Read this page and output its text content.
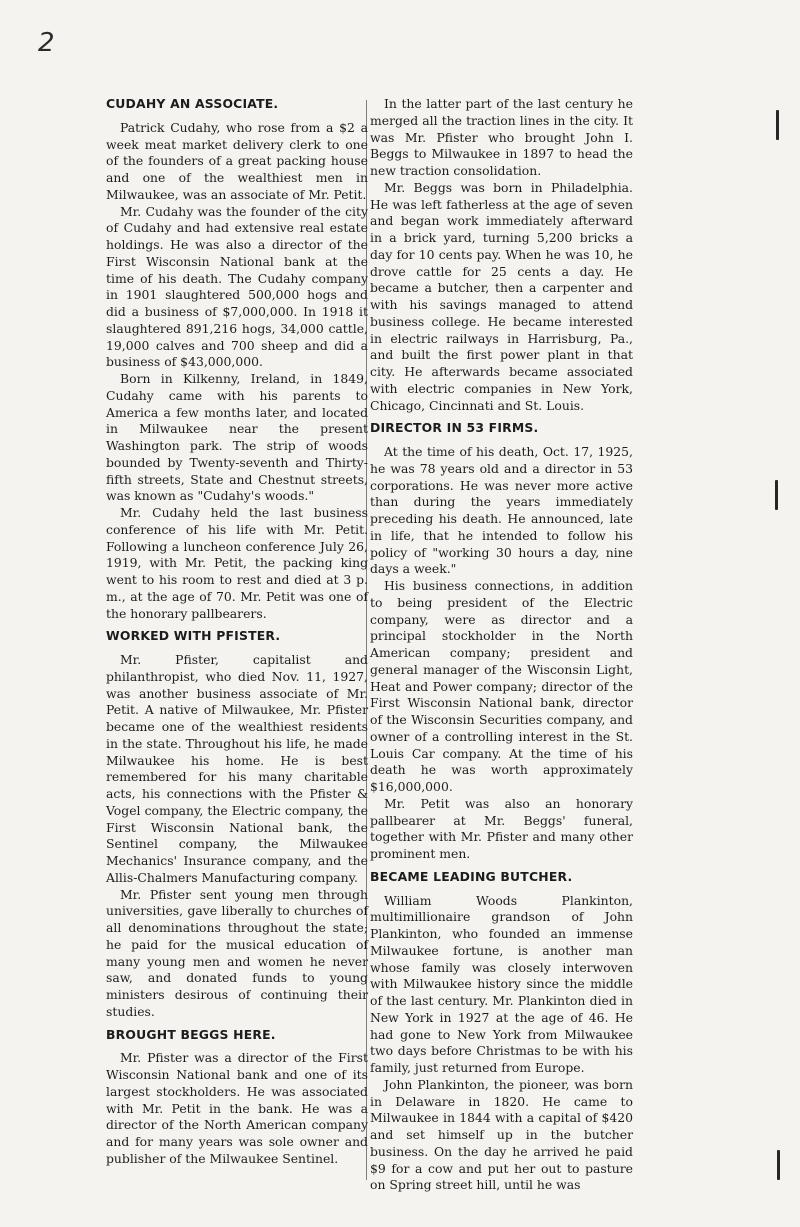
2
CUDAHY AN ASSOCIATE.

Patrick Cudahy, who rose from a $2 a week meat market delivery clerk to one of the founders of a great packing house and one of the wealthiest men in Milwaukee, was an associate of Mr. Petit.

Mr. Cudahy was the founder of the city of Cudahy and had extensive real estate holdings. He was also a director of the First Wisconsin National bank at the time of his death. The Cudahy company in 1901 slaughtered 500,000 hogs and did a business of $7,000,000. In 1918 it slaughtered 891,216 hogs, 34,000 cattle, 19,000 calves and 700 sheep and did a business of $43,000,000.

Born in Kilkenny, Ireland, in 1849, Cudahy came with his parents to America a few months later, and located in Milwaukee near the present Washington park. The strip of woods bounded by Twenty-seventh and Thirty-fifth streets, State and Chestnut streets, was known as "Cudahy's woods."

Mr. Cudahy held the last business conference of his life with Mr. Petit. Following a luncheon conference July 26, 1919, with Mr. Petit, the packing king went to his room to rest and died at 3 p. m., at the age of 70. Mr. Petit was one of the honorary pallbearers.

WORKED WITH PFISTER.

Mr. Pfister, capitalist and philanthropist, who died Nov. 11, 1927, was another business associate of Mr. Petit. A native of Milwaukee, Mr. Pfister became one of the wealthiest residents in the state. Throughout his life, he made Milwaukee his home. He is best remembered for his many charitable acts, his connections with the Pfister & Vogel company, the Electric company, the First Wisconsin National bank, the Sentinel company, the Milwaukee Mechanics' Insurance company, and the Allis-Chalmers Manufacturing company.

Mr. Pfister sent young men through universities, gave liberally to churches of all denominations throughout the state; he paid for the musical education of many young men and women he never saw, and donated funds to young ministers desirous of continuing their studies.

BROUGHT BEGGS HERE.

Mr. Pfister was a director of the First Wisconsin National bank and one of its largest stockholders. He was associated with Mr. Petit in the bank. He was a director of the North American company and for many years was sole owner and publisher of the Milwaukee Sentinel.

In the latter part of the last century he merged all the traction lines in the city. It was Mr. Pfister who brought John I. Beggs to Milwaukee in 1897 to head the new traction consolidation.

Mr. Beggs was born in Philadelphia. He was left fatherless at the age of seven and began work immediately afterward in a brick yard, turning 5,200 bricks a day for 10 cents pay. When he was 10, he drove cattle for 25 cents a day. He became a butcher, then a carpenter and with his savings managed to attend business college. He became interested in electric railways in Harrisburg, Pa., and built the first power plant in that city. He afterwards became associated with electric companies in New York, Chicago, Cincinnati and St. Louis.

DIRECTOR IN 53 FIRMS.

At the time of his death, Oct. 17, 1925, he was 78 years old and a director in 53 corporations. He was never more active than during the years immediately preceding his death. He announced, late in life, that he intended to follow his policy of "working 30 hours a day, nine days a week."

His business connections, in addition to being president of the Electric company, were as director and a principal stockholder in the North American company; president and general manager of the Wisconsin Light, Heat and Power company; director of the First Wisconsin National bank, director of the Wisconsin Securities company, and owner of a controlling interest in the St. Louis Car company. At the time of his death he was worth approximately $16,000,000.

Mr. Petit was also an honorary pallbearer at Mr. Beggs' funeral, together with Mr. Pfister and many other prominent men.

BECAME LEADING BUTCHER.

William Woods Plankinton, multimillionaire grandson of John Plankinton, who founded an immense Milwaukee fortune, is another man whose family was closely interwoven with Milwaukee history since the middle of the last century. Mr. Plankinton died in New York in 1927 at the age of 46. He had gone to New York from Milwaukee two days before Christmas to be with his family, just returned from Europe.

John Plankinton, the pioneer, was born in Delaware in 1820. He came to Milwaukee in 1844 with a capital of $420 and set himself up in the butcher business. On the day he arrived he paid $9 for a cow and put her out to pasture on Spring street hill, until he was
